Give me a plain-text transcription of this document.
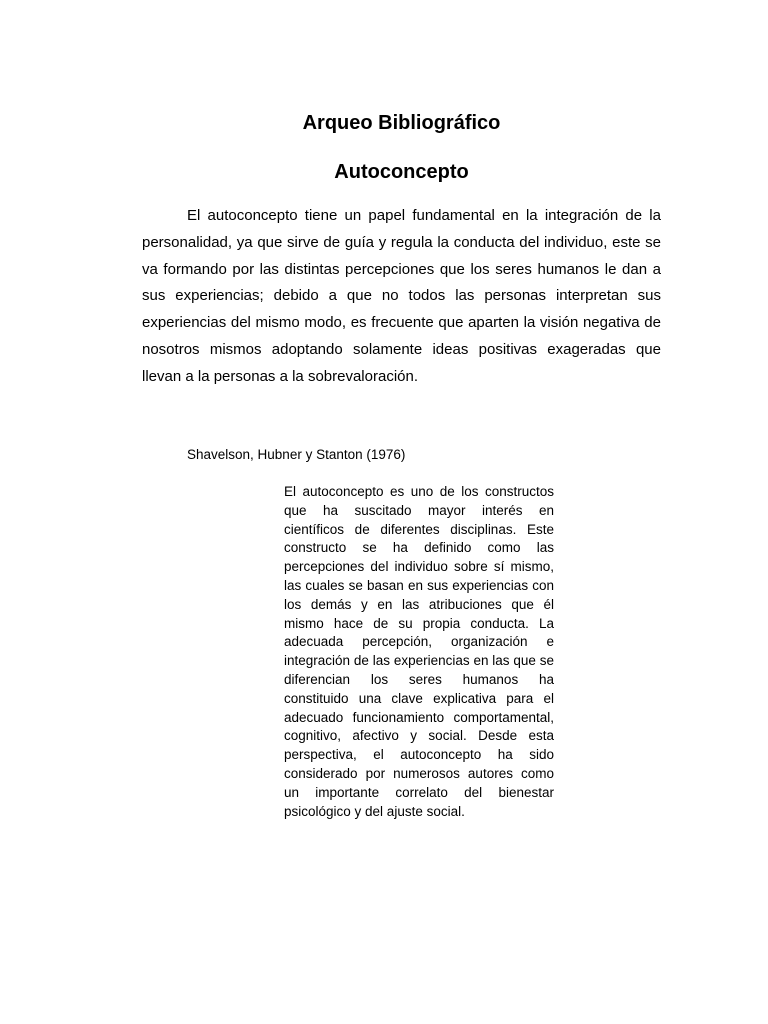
Arqueo Bibliográfico
Autoconcepto

El autoconcepto tiene un papel fundamental en la integración de la personalidad, ya que sirve de guía y regula la conducta del individuo, este se va formando por las distintas percepciones que los seres humanos le dan a sus experiencias; debido a que no todos las personas interpretan sus experiencias del mismo modo, es frecuente que aparten la visión negativa de nosotros mismos adoptando solamente ideas positivas exageradas que llevan a la personas a la sobrevaloración.

Shavelson, Hubner y Stanton (1976)

El autoconcepto es uno de los constructos que ha suscitado mayor interés en científicos de diferentes disciplinas. Este constructo se ha definido como las percepciones del individuo sobre sí mismo, las cuales se basan en sus experiencias con los demás y en las atribuciones que él mismo hace de su propia conducta. La adecuada percepción, organización e integración de las experiencias en las que se diferencian los seres humanos ha constituido una clave explicativa para el adecuado funcionamiento comportamental, cognitivo, afectivo y social. Desde esta perspectiva, el autoconcepto ha sido considerado por numerosos autores como un importante correlato del bienestar psicológico y del ajuste social.
